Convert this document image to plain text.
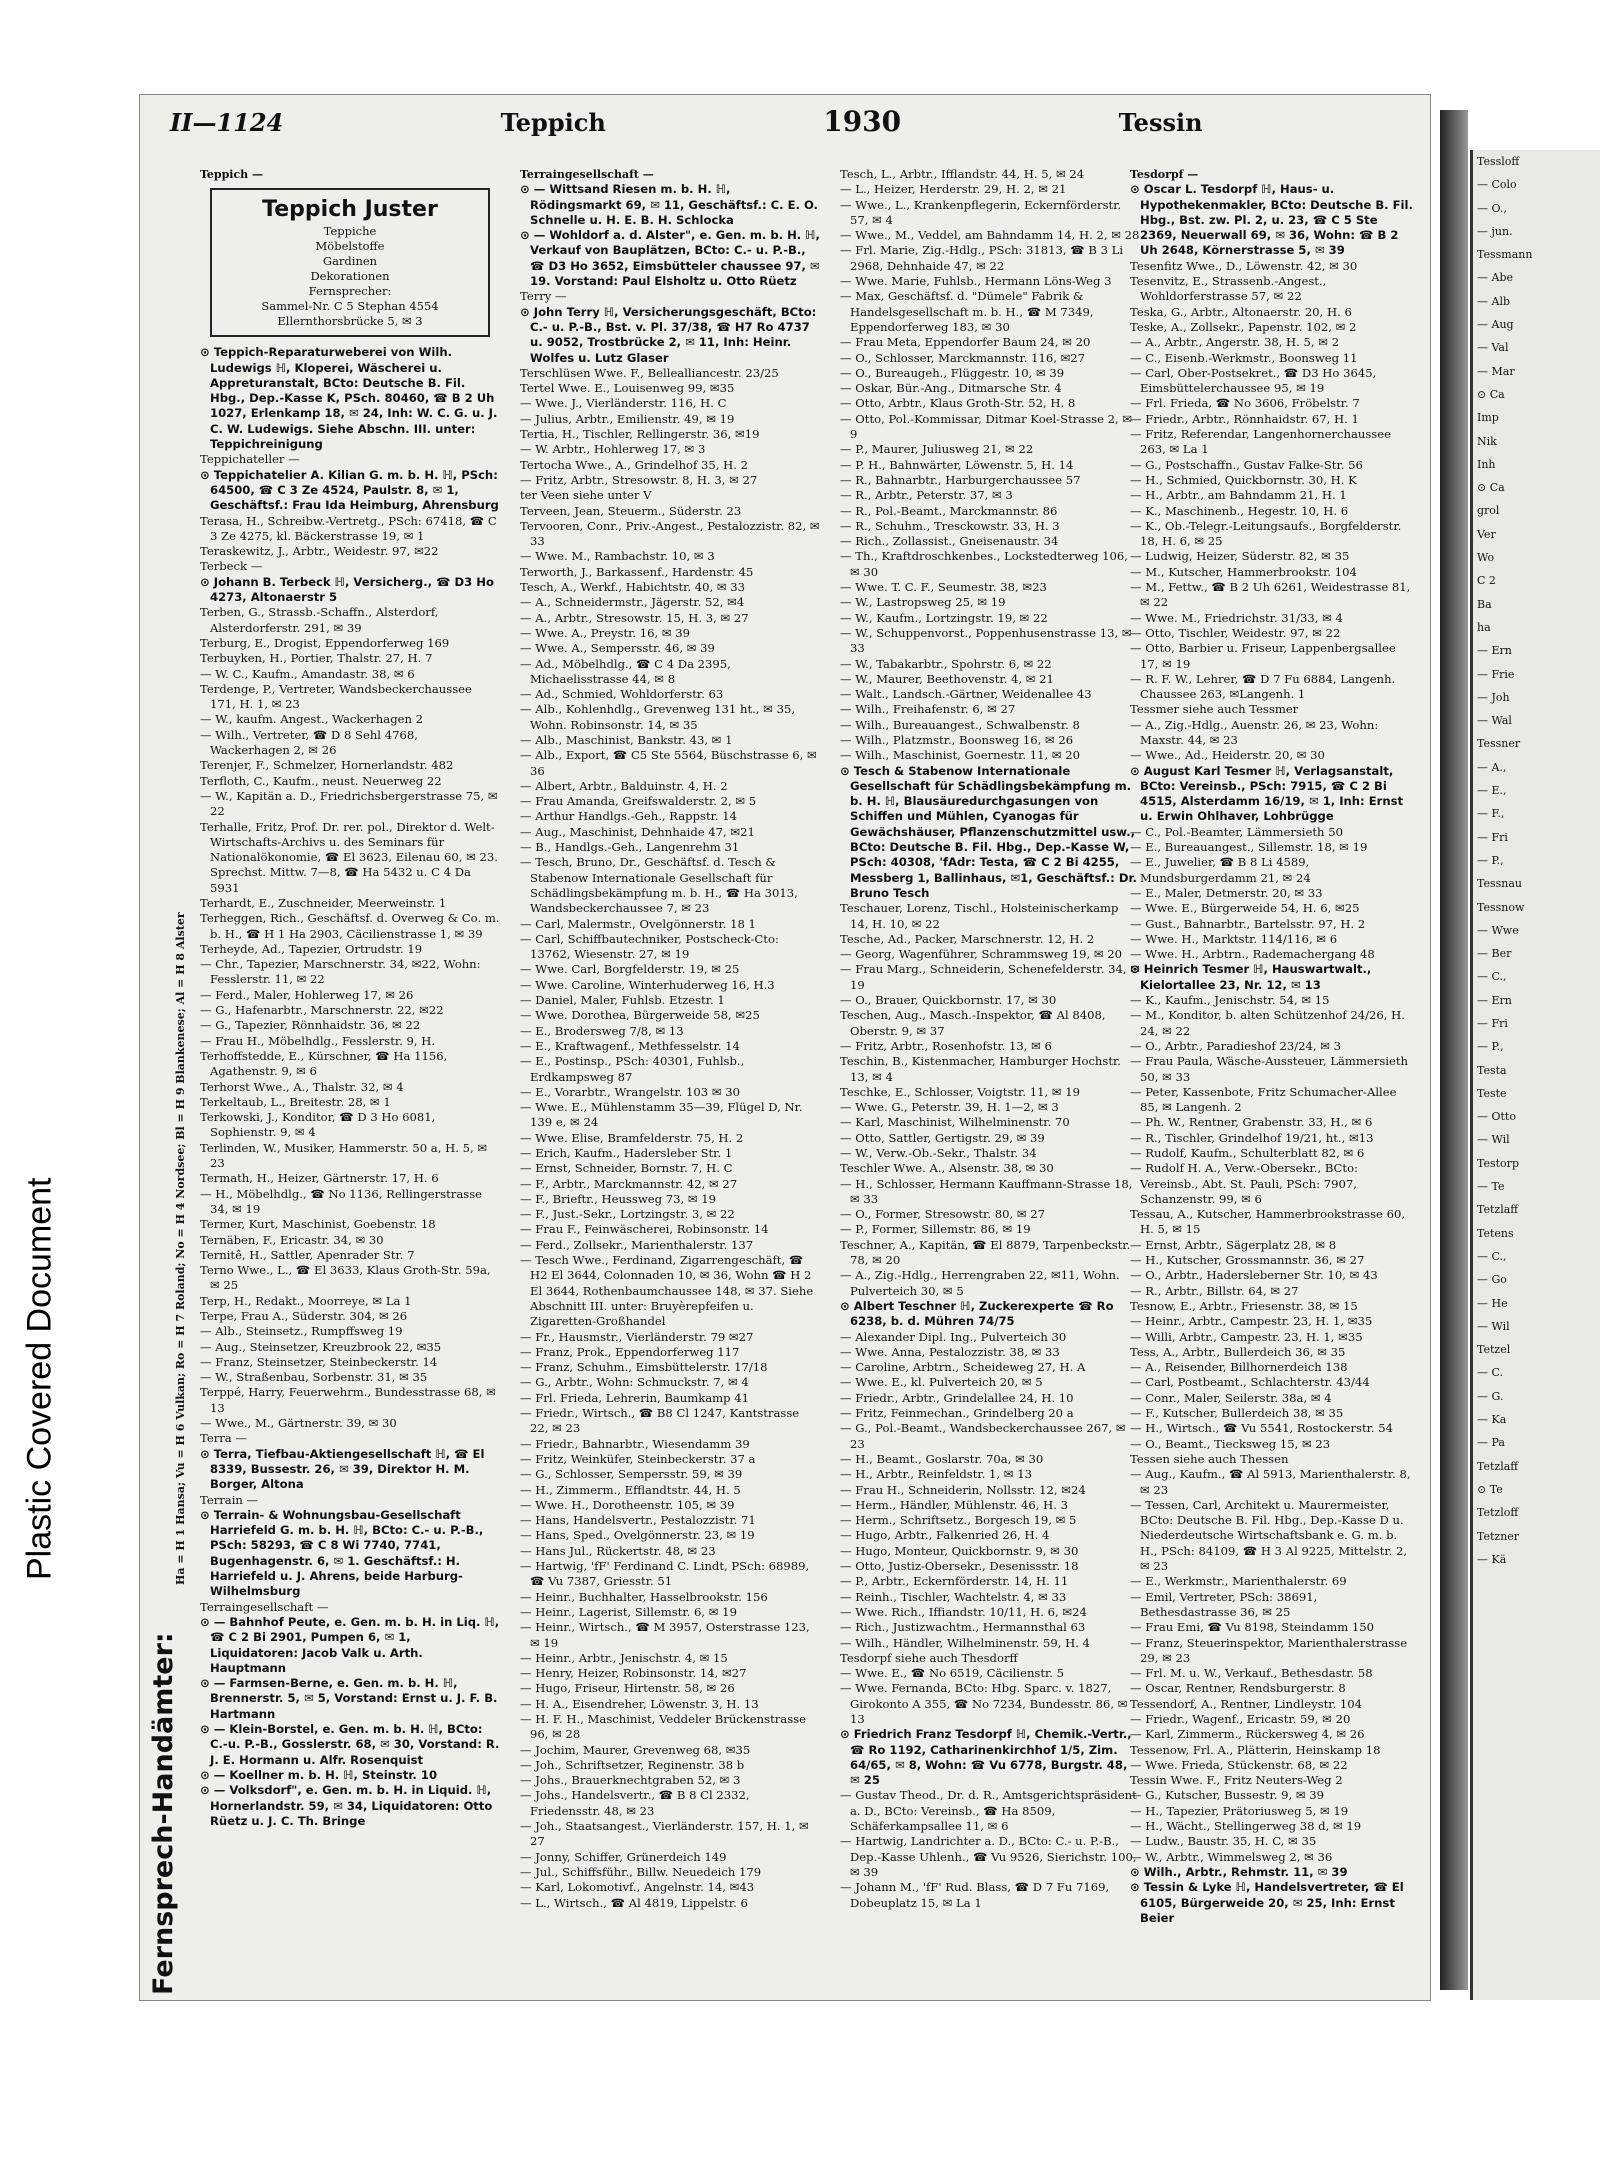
Plastic Covered Document
Tessloff
— Colo
— O.,
— jun.
Tessmann
— Abe
— Alb
— Aug
— Val
— Mar
⊙ Ca
Imp
Nik
Inh
⊙ Ca
grol
Ver
Wo
C 2
Ba
ha
— Ern
— Frie
— Joh
— Wal
Tessner
— A.,
— E.,
— F.,
— Fri
— P.,
Tessnau
Tessnow
— Wwe
— Ber
— C.,
— Ern
— Fri
— P.,
Testa
Teste
— Otto
— Wil
Testorp
— Te
Tetzlaff
Tetens
— C.,
— Go
— He
— Wil
Tetzel
— C.
— G.
— Ka
— Pa
Tetzlaff
⊙ Te
Tetzloff
Tetzner
— Kä
II—1124	Teppich	1930	Tessin
Fernsprech-Handämter:
Ha = H 1 Hansa; Vu = H 6 Vulkan; Ro = H 7 Roland; No = H 4 Nordsee; Bl = H 9 Blankenese; Al = H 8 Alster
Teppich —
Teppich Juster
Teppiche
Möbelstoffe
Gardinen
Dekorationen
Fernsprecher:
Sammel-Nr. C 5 Stephan 4554
Ellernthorsbrücke 5, ✉ 3

⊙ Teppich-Reparaturweberei von Wilh. Ludewigs ℍ, Kloperei, Wäscherei u. Appreturanstalt, BCto: Deutsche B. Fil. Hbg., Dep.-Kasse K, PSch. 80460, ☎ B 2 Uh 1027, Erlenkamp 18, ✉ 24, Inh: W. C. G. u. J. C. W. Ludewigs. Siehe Abschn. III. unter: Teppichreinigung

Teppichateller —

⊙ Teppichatelier A. Kilian G. m. b. H. ℍ, PSch: 64500, ☎ C 3 Ze 4524, Paulstr. 8, ✉ 1, Geschäftsf.: Frau Ida Heimburg, Ahrensburg

Terasa, H., Schreibw.-Vertretg., PSch: 67418, ☎ C 3 Ze 4275, kl. Bäckerstrasse 19, ✉ 1

Teraskewitz, J., Arbtr., Weidestr. 97, ✉22

Terbeck —

⊙ Johann B. Terbeck ℍ, Versicherg., ☎ D3 Ho 4273, Altonaerstr 5

Terben, G., Strassb.-Schaffn., Alsterdorf, Alsterdorferstr. 291, ✉ 39

Terburg, E., Drogist, Eppendorferweg 169

Terbuyken, H., Portier, Thalstr. 27, H. 7

— W. C., Kaufm., Amandastr. 38, ✉ 6

Terdenge, P., Vertreter, Wandsbeckerchaussee 171, H. 1, ✉ 23

— W., kaufm. Angest., Wackerhagen 2

— Wilh., Vertreter, ☎ D 8 Sehl 4768, Wackerhagen 2, ✉ 26

Terenjer, F., Schmelzer, Hornerlandstr. 482

Terfloth, C., Kaufm., neust. Neuerweg 22

— W., Kapitän a. D., Friedrichsbergerstrasse 75, ✉ 22

Terhalle, Fritz, Prof. Dr. rer. pol., Direktor d. Welt-Wirtschafts-Archivs u. des Seminars für Nationalökonomie, ☎ El 3623, Eilenau 60, ✉ 23. Sprechst. Mittw. 7—8, ☎ Ha 5432 u. C 4 Da 5931

Terhardt, E., Zuschneider, Meerweinstr. 1

Terheggen, Rich., Geschäftsf. d. Overweg & Co. m. b. H., ☎ H 1 Ha 2903, Cäcilienstrasse 1, ✉ 39

Terheyde, Ad., Tapezier, Ortrudstr. 19

— Chr., Tapezier, Marschnerstr. 34, ✉22, Wohn: Fesslerstr. 11, ✉ 22

— Ferd., Maler, Hohlerweg 17, ✉ 26

— G., Hafenarbtr., Marschnerstr. 22, ✉22

— G., Tapezier, Rönnhaidstr. 36, ✉ 22

— Frau H., Möbelhdlg., Fesslerstr. 9, H.

Terhoffstedde, E., Kürschner, ☎ Ha 1156, Agathenstr. 9, ✉ 6

Terhorst Wwe., A., Thalstr. 32, ✉ 4

Terkeltaub, L., Breitestr. 28, ✉ 1

Terkowski, J., Konditor, ☎ D 3 Ho 6081, Sophienstr. 9, ✉ 4

Terlinden, W., Musiker, Hammerstr. 50 a, H. 5, ✉ 23

Termath, H., Heizer, Gärtnerstr. 17, H. 6

— H., Möbelhdlg., ☎ No 1136, Rellingerstrasse 34, ✉ 19

Termer, Kurt, Maschinist, Goebenstr. 18

Ternäben, F., Ericastr. 34, ✉ 30

Ternitê, H., Sattler, Apenrader Str. 7

Terno Wwe., L., ☎ El 3633, Klaus Groth-Str. 59a, ✉ 25

Terp, H., Redakt., Moorreye, ✉ La 1

Terpe, Frau A., Süderstr. 304, ✉ 26

— Alb., Steinsetz., Rumpffsweg 19

— Aug., Steinsetzer, Kreuzbrook 22, ✉35

— Franz, Steinsetzer, Steinbeckerstr. 14

— W., Straßenbau, Sorbenstr. 31, ✉ 35

Terppé, Harry, Feuerwehrm., Bundesstrasse 68, ✉ 13

— Wwe., M., Gärtnerstr. 39, ✉ 30

Terra —

⊙ Terra, Tiefbau-Aktiengesellschaft ℍ, ☎ El 8339, Bussestr. 26, ✉ 39, Direktor H. M. Borger, Altona

Terrain —

⊙ Terrain- & Wohnungsbau-Gesellschaft Harriefeld G. m. b. H. ℍ, BCto: C.- u. P.-B., PSch: 58293, ☎ C 8 Wi 7740, 7741, Bugenhagenstr. 6, ✉ 1. Geschäftsf.: H. Harriefeld u. J. Ahrens, beide Harburg-Wilhelmsburg

Terraingesellschaft —

⊙ — Bahnhof Peute, e. Gen. m. b. H. in Liq. ℍ, ☎ C 2 Bi 2901, Pumpen 6, ✉ 1, Liquidatoren: Jacob Valk u. Arth. Hauptmann

⊙ — Farmsen-Berne, e. Gen. m. b. H. ℍ, Brennerstr. 5, ✉ 5, Vorstand: Ernst u. J. F. B. Hartmann

⊙ — Klein-Borstel, e. Gen. m. b. H. ℍ, BCto: C.-u. P.-B., Gosslerstr. 68, ✉ 30, Vorstand: R. J. E. Hormann u. Alfr. Rosenquist

⊙ — Koellner m. b. H. ℍ, Steinstr. 10

⊙ — Volksdorf", e. Gen. m. b. H. in Liquid. ℍ, Hornerlandstr. 59, ✉ 34, Liquidatoren: Otto Rüetz u. J. C. Th. Bringe

Terraingesellschaft —

⊙ — Wittsand Riesen m. b. H. ℍ, Rödingsmarkt 69, ✉ 11, Geschäftsf.: C. E. O. Schnelle u. H. E. B. H. Schlocka

⊙ — Wohldorf a. d. Alster", e. Gen. m. b. H. ℍ, Verkauf von Bauplätzen, BCto: C.- u. P.-B., ☎ D3 Ho 3652, Eimsbütteler chaussee 97, ✉19. Vorstand: Paul Elsholtz u. Otto Rüetz

Terry —

⊙ John Terry ℍ, Versicherungsgeschäft, BCto: C.- u. P.-B., Bst. v. Pl. 37/38, ☎ H7 Ro 4737 u. 9052, Trostbrücke 2, ✉ 11, Inh: Heinr. Wolfes u. Lutz Glaser

Terschlüsen Wwe. F., Bellealliancestr. 23/25

Tertel Wwe. E., Louisenweg 99, ✉35

— Wwe. J., Vierländerstr. 116, H. C

— Julius, Arbtr., Emilienstr. 49, ✉ 19

Tertia, H., Tischler, Rellingerstr. 36, ✉19

— W. Arbtr., Hohlerweg 17, ✉ 3

Tertocha Wwe., A., Grindelhof 35, H. 2

— Fritz, Arbtr., Stresowstr. 8, H. 3, ✉ 27

ter Veen siehe unter V

Terveen, Jean, Steuerm., Süderstr. 23

Tervooren, Conr., Priv.-Angest., Pestalozzistr. 82, ✉ 33

— Wwe. M., Rambachstr. 10, ✉ 3

Terworth, J., Barkassenf., Hardenstr. 45

Tesch, A., Werkf., Habichtstr. 40, ✉ 33

— A., Schneidermstr., Jägerstr. 52, ✉4

— A., Arbtr., Stresowstr. 15, H. 3, ✉ 27

— Wwe. A., Preystr. 16, ✉ 39

— Wwe. A., Sempersstr. 46, ✉ 39

— Ad., Möbelhdlg., ☎ C 4 Da 2395, Michaelisstrasse 44, ✉ 8

— Ad., Schmied, Wohldorferstr. 63

— Alb., Kohlenhdlg., Grevenweg 131 ht., ✉ 35, Wohn. Robinsonstr. 14, ✉ 35

— Alb., Maschinist, Bankstr. 43, ✉ 1

— Alb., Export, ☎ C5 Ste 5564, Büschstrasse 6, ✉ 36

— Albert, Arbtr., Balduinstr. 4, H. 2

— Frau Amanda, Greifswalderstr. 2, ✉ 5

— Arthur Handlgs.-Geh., Rappstr. 14

— Aug., Maschinist, Dehnhaide 47, ✉21

— B., Handlgs.-Geh., Langenrehm 31

— Tesch, Bruno, Dr., Geschäftsf. d. Tesch & Stabenow Internationale Gesellschaft für Schädlingsbekämpfung m. b. H., ☎ Ha 3013, Wandsbeckerchaussee 7, ✉ 23

— Carl, Malermstr., Ovelgönnerstr. 18 1

— Carl, Schiffbautechniker, Postscheck-Cto: 13762, Wiesenstr. 27, ✉ 19

— Wwe. Carl, Borgfelderstr. 19, ✉ 25

— Wwe. Caroline, Winterhuderweg 16, H.3

— Daniel, Maler, Fuhlsb. Etzestr. 1

— Wwe. Dorothea, Bürgerweide 58, ✉25

— E., Brodersweg 7/8, ✉ 13

— E., Kraftwagenf., Methfesselstr. 14

— E., Postinsp., PSch: 40301, Fuhlsb., Erdkampsweg 87

— E., Vorarbtr., Wrangelstr. 103 ✉ 30

— Wwe. E., Mühlenstamm 35—39, Flügel D, Nr. 139 e, ✉ 24

— Wwe. Elise, Bramfelderstr. 75, H. 2

— Erich, Kaufm., Hadersleber Str. 1

— Ernst, Schneider, Bornstr. 7, H. C

— F., Arbtr., Marckmannstr. 42, ✉ 27

— F., Brieftr., Heussweg 73, ✉ 19

— F., Just.-Sekr., Lortzingstr. 3, ✉ 22

— Frau F., Feinwäscherei, Robinsonstr. 14

— Ferd., Zollsekr., Marienthalerstr. 137

— Tesch Wwe., Ferdinand, Zigarrengeschäft, ☎ H2 El 3644, Colonnaden 10, ✉ 36, Wohn ☎ H 2 El 3644, Rothenbaumchaussee 148, ✉ 37. Siehe Abschnitt III. unter: Bruyèrepfeifen u. Zigaretten-Großhandel

— Fr., Hausmstr., Vierländerstr. 79 ✉27

— Franz, Prok., Eppendorferweg 117

— Franz, Schuhm., Eimsbüttelerstr. 17/18

— G., Arbtr., Wohn: Schmuckstr. 7, ✉ 4

— Frl. Frieda, Lehrerin, Baumkamp 41

— Friedr., Wirtsch., ☎ B8 Cl 1247, Kantstrasse 22, ✉ 23

— Friedr., Bahnarbtr., Wiesendamm 39

— Fritz, Weinküfer, Steinbeckerstr. 37 a

— G., Schlosser, Sempersstr. 59, ✉ 39

— H., Zimmerm., Efflandtstr. 44, H. 5

— Wwe. H., Dorotheenstr. 105, ✉ 39

— Hans, Handelsvertr., Pestalozzistr. 71

— Hans, Sped., Ovelgönnerstr. 23, ✉ 19

— Hans Jul., Rückertstr. 48, ✉ 23

— Hartwig, 'fF' Ferdinand C. Lindt, PSch: 68989, ☎ Vu 7387, Griesstr. 51

— Heinr., Buchhalter, Hasselbrookstr. 156

— Heinr., Lagerist, Sillemstr. 6, ✉ 19

— Heinr., Wirtsch., ☎ M 3957, Osterstrasse 123, ✉ 19

— Heinr., Arbtr., Jenischstr. 4, ✉ 15

— Henry, Heizer, Robinsonstr. 14, ✉27

— Hugo, Friseur, Hirtenstr. 58, ✉ 26

— H. A., Eisendreher, Löwenstr. 3, H. 13

— H. F. H., Maschinist, Veddeler Brückenstrasse 96, ✉ 28

— Jochim, Maurer, Grevenweg 68, ✉35

— Joh., Schriftsetzer, Reginenstr. 38 b

— Johs., Brauerknechtgraben 52, ✉ 3

— Johs., Handelsvertr., ☎ B 8 Cl 2332, Friedensstr. 48, ✉ 23

— Joh., Staatsangest., Vierländerstr. 157, H. 1, ✉ 27

— Jonny, Schiffer, Grünerdeich 149

— Jul., Schiffsführ., Billw. Neuedeich 179

— Karl, Lokomotivf., Angelnstr. 14, ✉43

— L., Wirtsch., ☎ Al 4819, Lippelstr. 6

Tesch, L., Arbtr., Ifflandstr. 44, H. 5, ✉ 24

— L., Heizer, Herderstr. 29, H. 2, ✉ 21

— Wwe., L., Krankenpflegerin, Eckernförderstr. 57, ✉ 4

— Wwe., M., Veddel, am Bahndamm 14, H. 2, ✉ 28

— Frl. Marie, Zig.-Hdlg., PSch: 31813, ☎ B 3 Li 2968, Dehnhaide 47, ✉ 22

— Wwe. Marie, Fuhlsb., Hermann Löns-Weg 3

— Max, Geschäftsf. d. "Dümele" Fabrik & Handelsgesellschaft m. b. H., ☎ M 7349, Eppendorferweg 183, ✉ 30

— Frau Meta, Eppendorfer Baum 24, ✉ 20

— O., Schlosser, Marckmannstr. 116, ✉27

— O., Bureaugeh., Flüggestr. 10, ✉ 39

— Oskar, Bür.-Ang., Ditmarsche Str. 4

— Otto, Arbtr., Klaus Groth-Str. 52, H. 8

— Otto, Pol.-Kommissar, Ditmar Koel-Strasse 2, ✉ 9

— P., Maurer, Juliusweg 21, ✉ 22

— P. H., Bahnwärter, Löwenstr. 5, H. 14

— R., Bahnarbtr., Harburgerchaussee 57

— R., Arbtr., Peterstr. 37, ✉ 3

— R., Pol.-Beamt., Marckmannstr. 86

— R., Schuhm., Tresckowstr. 33, H. 3

— Rich., Zollassist., Gneisenaustr. 34

— Th., Kraftdroschkenbes., Lockstedterweg 106, ✉ 30

— Wwe. T. C. F., Seumestr. 38, ✉23

— W., Lastropsweg 25, ✉ 19

— W., Kaufm., Lortzingstr. 19, ✉ 22

— W., Schuppenvorst., Poppenhusenstrasse 13, ✉ 33

— W., Tabakarbtr., Spohrstr. 6, ✉ 22

— W., Maurer, Beethovenstr. 4, ✉ 21

— Walt., Landsch.-Gärtner, Weidenallee 43

— Wilh., Freihafenstr. 6, ✉ 27

— Wilh., Bureauangest., Schwalbenstr. 8

— Wilh., Platzmstr., Boonsweg 16, ✉ 26

— Wilh., Maschinist, Goernestr. 11, ✉ 20

⊙ Tesch & Stabenow Internationale Gesellschaft für Schädlingsbekämpfung m. b. H. ℍ, Blausäuredurchgasungen von Schiffen und Mühlen, Cyanogas für Gewächshäuser, Pflanzenschutzmittel usw., BCto: Deutsche B. Fil. Hbg., Dep.-Kasse W, PSch: 40308, 'fAdr: Testa, ☎ C 2 Bi 4255, Messberg 1, Ballinhaus, ✉1, Geschäftsf.: Dr. Bruno Tesch

Teschauer, Lorenz, Tischl., Holsteinischerkamp 14, H. 10, ✉ 22

Tesche, Ad., Packer, Marschnerstr. 12, H. 2

— Georg, Wagenführer, Schrammsweg 19, ✉ 20

— Frau Marg., Schneiderin, Schenefelderstr. 34, ✉ 19

— O., Brauer, Quickbornstr. 17, ✉ 30

Teschen, Aug., Masch.-Inspektor, ☎ Al 8408, Oberstr. 9, ✉ 37

— Fritz, Arbtr., Rosenhofstr. 13, ✉ 6

Teschin, B., Kistenmacher, Hamburger Hochstr. 13, ✉ 4

Teschke, E., Schlosser, Voigtstr. 11, ✉ 19

— Wwe. G., Peterstr. 39, H. 1—2, ✉ 3

— Karl, Maschinist, Wilhelminenstr. 70

— Otto, Sattler, Gertigstr. 29, ✉ 39

— W., Verw.-Ob.-Sekr., Thalstr. 34

Teschler Wwe. A., Alsenstr. 38, ✉ 30

— H., Schlosser, Hermann Kauffmann-Strasse 18, ✉ 33

— O., Former, Stresowstr. 80, ✉ 27

— P., Former, Sillemstr. 86, ✉ 19

Teschner, A., Kapitän, ☎ El 8879, Tarpenbeckstr. 78, ✉ 20

— A., Zig.-Hdlg., Herrengraben 22, ✉11, Wohn. Pulverteich 30, ✉ 5

⊙ Albert Teschner ℍ, Zuckerexperte ☎ Ro 6238, b. d. Mühren 74/75

— Alexander Dipl. Ing., Pulverteich 30

— Wwe. Anna, Pestalozzistr. 38, ✉ 33

— Caroline, Arbtrn., Scheideweg 27, H. A

— Wwe. E., kl. Pulverteich 20, ✉ 5

— Friedr., Arbtr., Grindelallee 24, H. 10

— Fritz, Feinmechan., Grindelberg 20 a

— G., Pol.-Beamt., Wandsbeckerchaussee 267, ✉ 23

— H., Beamt., Goslarstr. 70a, ✉ 30

— H., Arbtr., Reinfeldstr. 1, ✉ 13

— Frau H., Schneiderin, Nollsstr. 12, ✉24

— Herm., Händler, Mühlenstr. 46, H. 3

— Herm., Schriftsetz., Borgesch 19, ✉ 5

— Hugo, Arbtr., Falkenried 26, H. 4

— Hugo, Monteur, Quickbornstr. 9, ✉ 30

— Otto, Justiz-Obersekr., Desenissstr. 18

— P., Arbtr., Eckernförderstr. 14, H. 11

— Reinh., Tischler, Wachtelstr. 4, ✉ 33

— Wwe. Rich., Iffiandstr. 10/11, H. 6, ✉24

— Rich., Justizwachtm., Hermannsthal 63

— Wilh., Händler, Wilhelminenstr. 59, H. 4

Tesdorpf siehe auch Thesdorff

— Wwe. E., ☎ No 6519, Cäcilienstr. 5

— Wwe. Fernanda, BCto: Hbg. Sparc. v. 1827, Girokonto A 355, ☎ No 7234, Bundesstr. 86, ✉ 13

⊙ Friedrich Franz Tesdorpf ℍ, Chemik.-Vertr., ☎ Ro 1192, Catharinenkirchhof 1/5, Zim. 64/65, ✉ 8, Wohn: ☎ Vu 6778, Burgstr. 48, ✉ 25

— Gustav Theod., Dr. d. R., Amtsgerichtspräsident a. D., BCto: Vereinsb., ☎ Ha 8509, Schäferkampsallee 11, ✉ 6

— Hartwig, Landrichter a. D., BCto: C.- u. P.-B., Dep.-Kasse Uhlenh., ☎ Vu 9526, Sierichstr. 100, ✉ 39

— Johann M., 'fF' Rud. Blass, ☎ D 7 Fu 7169, Dobeuplatz 15, ✉ La 1

Tesdorpf —

⊙ Oscar L. Tesdorpf ℍ, Haus- u. Hypothekenmakler, BCto: Deutsche B. Fil. Hbg., Bst. zw. Pl. 2, u. 23, ☎ C 5 Ste 2369, Neuerwall 69, ✉ 36, Wohn: ☎ B 2 Uh 2648, Körnerstrasse 5, ✉ 39

Tesenfitz Wwe., D., Löwenstr. 42, ✉ 30

Tesenvitz, E., Strassenb.-Angest., Wohldorferstrasse 57, ✉ 22

Teska, G., Arbtr., Altonaerstr. 20, H. 6

Teske, A., Zollsekr., Papenstr. 102, ✉ 2

— A., Arbtr., Angerstr. 38, H. 5, ✉ 2

— C., Eisenb.-Werkmstr., Boonsweg 11

— Carl, Ober-Postsekret., ☎ D3 Ho 3645, Eimsbüttelerchaussee 95, ✉ 19

— Frl. Frieda, ☎ No 3606, Fröbelstr. 7

— Friedr., Arbtr., Rönnhaidstr. 67, H. 1

— Fritz, Referendar, Langenhornerchaussee 263, ✉ La 1

— G., Postschaffn., Gustav Falke-Str. 56

— H., Schmied, Quickbornstr. 30, H. K

— H., Arbtr., am Bahndamm 21, H. 1

— K., Maschinenb., Hegestr. 10, H. 6

— K., Ob.-Telegr.-Leitungsaufs., Borgfelderstr. 18, H. 6, ✉ 25

— Ludwig, Heizer, Süderstr. 82, ✉ 35

— M., Kutscher, Hammerbrookstr. 104

— M., Fettw., ☎ B 2 Uh 6261, Weidestrasse 81, ✉ 22

— Wwe. M., Friedrichstr. 31/33, ✉ 4

— Otto, Tischler, Weidestr. 97, ✉ 22

— Otto, Barbier u. Friseur, Lappenbergsallee 17, ✉ 19

— R. F. W., Lehrer, ☎ D 7 Fu 6884, Langenh. Chaussee 263, ✉Langenh. 1

Tessmer siehe auch Tessmer

— A., Zig.-Hdlg., Auenstr. 26, ✉ 23, Wohn: Maxstr. 44, ✉ 23

— Wwe., Ad., Heiderstr. 20, ✉ 30

⊙ August Karl Tesmer ℍ, Verlagsanstalt, BCto: Vereinsb., PSch: 7915, ☎ C 2 Bi 4515, Alsterdamm 16/19, ✉ 1, Inh: Ernst u. Erwin Ohlhaver, Lohbrügge

— C., Pol.-Beamter, Lämmersieth 50

— E., Bureauangest., Sillemstr. 18, ✉ 19

— E., Juwelier, ☎ B 8 Li 4589, Mundsburgerdamm 21, ✉ 24

— E., Maler, Detmerstr. 20, ✉ 33

— Wwe. E., Bürgerweide 54, H. 6, ✉25

— Gust., Bahnarbtr., Bartelsstr. 97, H. 2

— Wwe. H., Marktstr. 114/116, ✉ 6

— Wwe. H., Arbtrn., Rademachergang 48

⊙ Heinrich Tesmer ℍ, Hauswartwalt., Kielortallee 23, Nr. 12, ✉ 13

— K., Kaufm., Jenischstr. 54, ✉ 15

— M., Konditor, b. alten Schützenhof 24/26, H. 24, ✉ 22

— O., Arbtr., Paradieshof 23/24, ✉ 3

— Frau Paula, Wäsche-Aussteuer, Lämmersieth 50, ✉ 33

— Peter, Kassenbote, Fritz Schumacher-Allee 85, ✉ Langenh. 2

— Ph. W., Rentner, Grabenstr. 33, H., ✉ 6

— R., Tischler, Grindelhof 19/21, ht., ✉13

— Rudolf, Kaufm., Schulterblatt 82, ✉ 6

— Rudolf H. A., Verw.-Obersekr., BCto: Vereinsb., Abt. St. Pauli, PSch: 7907, Schanzenstr. 99, ✉ 6

Tessau, A., Kutscher, Hammerbrookstrasse 60, H. 5, ✉ 15

— Ernst, Arbtr., Sägerplatz 28, ✉ 8

— H., Kutscher, Grossmannstr. 36, ✉ 27

— O., Arbtr., Hadersleberner Str. 10, ✉ 43

— R., Arbtr., Billstr. 64, ✉ 27

Tesnow, E., Arbtr., Friesenstr. 38, ✉ 15

— Heinr., Arbtr., Campestr. 23, H. 1, ✉35

— Willi, Arbtr., Campestr. 23, H. 1, ✉35

Tess, A., Arbtr., Bullerdeich 36, ✉ 35

— A., Reisender, Billhornerdeich 138

— Carl, Postbeamt., Schlachterstr. 43/44

— Conr., Maler, Seilerstr. 38a, ✉ 4

— F., Kutscher, Bullerdeich 38, ✉ 35

— H., Wirtsch., ☎ Vu 5541, Rostockerstr. 54

— O., Beamt., Tiecksweg 15, ✉ 23

Tessen siehe auch Thessen

— Aug., Kaufm., ☎ Al 5913, Marienthalerstr. 8, ✉ 23

— Tessen, Carl, Architekt u. Maurermeister, BCto: Deutsche B. Fil. Hbg., Dep.-Kasse D u. Niederdeutsche Wirtschaftsbank e. G. m. b. H., PSch: 84109, ☎ H 3 Al 9225, Mittelstr. 2, ✉ 23

— E., Werkmstr., Marienthalerstr. 69

— Emil, Vertreter, PSch: 38691, Bethesdastrasse 36, ✉ 25

— Frau Emi, ☎ Vu 8198, Steindamm 150

— Franz, Steuerinspektor, Marienthalerstrasse 29, ✉ 23

— Frl. M. u. W., Verkauf., Bethesdastr. 58

— Oscar, Rentner, Rendsburgerstr. 8

Tessendorf, A., Rentner, Lindleystr. 104

— Friedr., Wagenf., Ericastr. 59, ✉ 20

— Karl, Zimmerm., Rückersweg 4, ✉ 26

Tessenow, Frl. A., Plätterin, Heinskamp 18

— Wwe. Frieda, Stückenstr. 68, ✉ 22

Tessin Wwe. F., Fritz Neuters-Weg 2

— G., Kutscher, Bussestr. 9, ✉ 39

— H., Tapezier, Prätoriusweg 5, ✉ 19

— H., Wächt., Stellingerweg 38 d, ✉ 19

— Ludw., Baustr. 35, H. C, ✉ 35

— W., Arbtr., Wimmelsweg 2, ✉ 36

⊙ Wilh., Arbtr., Rehmstr. 11, ✉ 39

⊙ Tessin & Lyke ℍ, Handelsvertreter, ☎ El 6105, Bürgerweide 20, ✉ 25, Inh: Ernst Beier
